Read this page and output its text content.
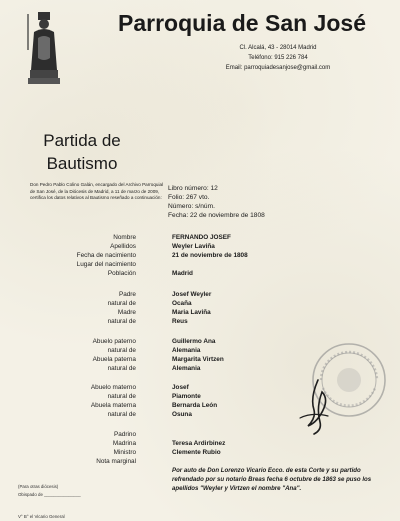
Parroquia de San José
Cl. Alcalá, 43 - 28014 Madrid
Teléfono: 915 226 784
Email: parroquiadesanjose@gmail.com
Partida de
Bautismo
Don Pedro Pablo Colino Galán, encargado del Archivo Parroquial de San José, de la Diócesis de Madrid, a 11 de marzo de 2009, certifica los datos relativos al Bautismo reseñado a continuación:
Libro número: 12
Folio: 267 vto.
Número: s/núm.
Fecha: 22 de noviembre de 1808
Nombre	FERNANDO JOSEF
Apellidos	Weyler Laviña
Fecha de nacimiento	21 de noviembre de 1808
Lugar del nacimiento
Población	Madrid
Padre	Josef Weyler
natural de	Ocaña
Madre	Maria Laviña
natural de	Reus
Abuelo paterno	Guillermo Ana
natural de	Alemania
Abuela paterna	Margarita Virtzen
natural de	Alemania
Abuelo materno	Josef
natural de	Piamonte
Abuela materna	Bernarda León
natural de	Osuna
Padrino
Madrina	Teresa Ardirbinez
Ministro	Clemente Rubio
Nota marginal
Por auto de Don Lorenzo Vicario Ecco. de esta Corte y su partido refrendado por su notario Breas fecha 6 octubre de 1863 se puso los apellidos "Weyler y Virtzen el nombre "Ana".
(Para otras diócesis)
Obispado de _______________
V° B° el Vicario General
